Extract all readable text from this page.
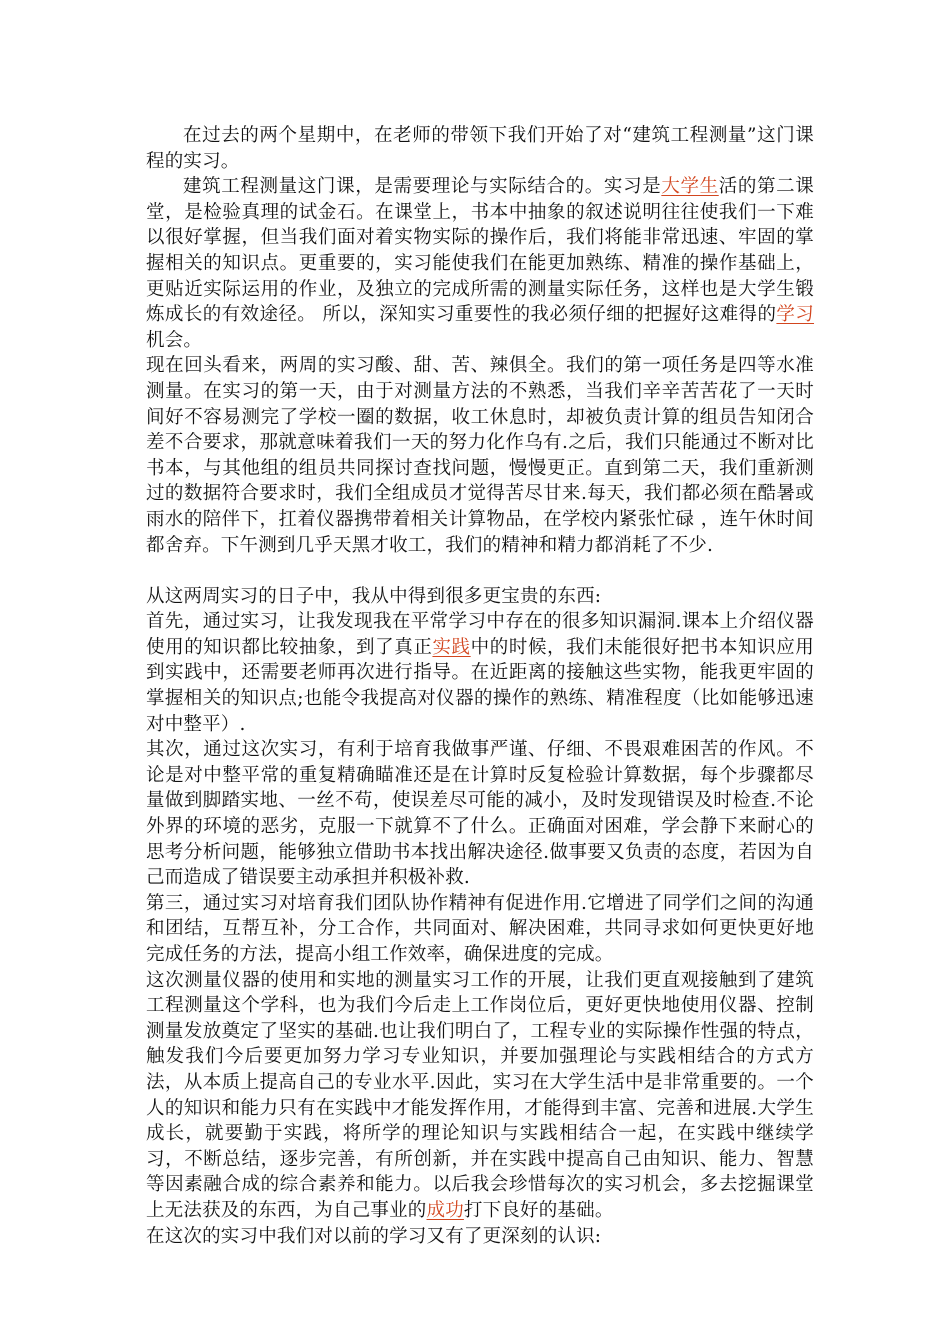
在过去的两个星期中，在老师的带领下我们开始了对“建筑工程测量”这门课程的实习。

建筑工程测量这门课，是需要理论与实际结合的。实习是大学生活的第二课堂，是检验真理的试金石。在课堂上，书本中抽象的叙述说明往往使我们一下难以很好掌握，但当我们面对着实物实际的操作后，我们将能非常迅速、牢固的掌握相关的知识点。更重要的，实习能使我们在能更加熟练、精准的操作基础上，更贴近实际运用的作业，及独立的完成所需的测量实际任务，这样也是大学生锻炼成长的有效途径。 所以，深知实习重要性的我必须仔细的把握好这难得的学习机会。

现在回头看来，两周的实习酸、甜、苦、辣俱全。我们的第一项任务是四等水准测量。在实习的第一天，由于对测量方法的不熟悉，当我们辛辛苦苦花了一天时间好不容易测完了学校一圈的数据，收工休息时，却被负责计算的组员告知闭合差不合要求，那就意味着我们一天的努力化作乌有.之后，我们只能通过不断对比书本，与其他组的组员共同探讨查找问题，慢慢更正。直到第二天，我们重新测过的数据符合要求时，我们全组成员才觉得苦尽甘来.每天，我们都必须在酷暑或雨水的陪伴下，扛着仪器携带着相关计算物品，在学校内紧张忙碌 ，连午休时间都舍弃。下午测到几乎天黑才收工，我们的精神和精力都消耗了不少.

从这两周实习的日子中，我从中得到很多更宝贵的东西:

首先，通过实习，让我发现我在平常学习中存在的很多知识漏洞.课本上介绍仪器使用的知识都比较抽象，到了真正实践中的时候，我们未能很好把书本知识应用到实践中，还需要老师再次进行指导。在近距离的接触这些实物，能我更牢固的掌握相关的知识点;也能令我提高对仪器的操作的熟练、精准程度（比如能够迅速对中整平）.

其次，通过这次实习，有利于培育我做事严谨、仔细、不畏艰难困苦的作风。不论是对中整平常的重复精确瞄准还是在计算时反复检验计算数据，每个步骤都尽量做到脚踏实地、一丝不苟，使误差尽可能的减小，及时发现错误及时检查.不论外界的环境的恶劣，克服一下就算不了什么。正确面对困难，学会静下来耐心的思考分析问题，能够独立借助书本找出解决途径.做事要又负责的态度，若因为自己而造成了错误要主动承担并积极补救.

第三，通过实习对培育我们团队协作精神有促进作用.它增进了同学们之间的沟通和团结，互帮互补，分工合作，共同面对、解决困难，共同寻求如何更快更好地完成任务的方法，提高小组工作效率，确保进度的完成。

这次测量仪器的使用和实地的测量实习工作的开展，让我们更直观接触到了建筑工程测量这个学科，也为我们今后走上工作岗位后，更好更快地使用仪器、控制测量发放奠定了坚实的基础.也让我们明白了，工程专业的实际操作性强的特点，触发我们今后要更加努力学习专业知识，并要加强理论与实践相结合的方式方法，从本质上提高自己的专业水平.因此，实习在大学生活中是非常重要的。一个人的知识和能力只有在实践中才能发挥作用，才能得到丰富、完善和进展.大学生成长，就要勤于实践，将所学的理论知识与实践相结合一起，在实践中继续学习，不断总结，逐步完善，有所创新，并在实践中提高自己由知识、能力、智慧等因素融合成的综合素养和能力。以后我会珍惜每次的实习机会，多去挖掘课堂上无法获及的东西，为自己事业的成功打下良好的基础。

在这次的实习中我们对以前的学习又有了更深刻的认识:
